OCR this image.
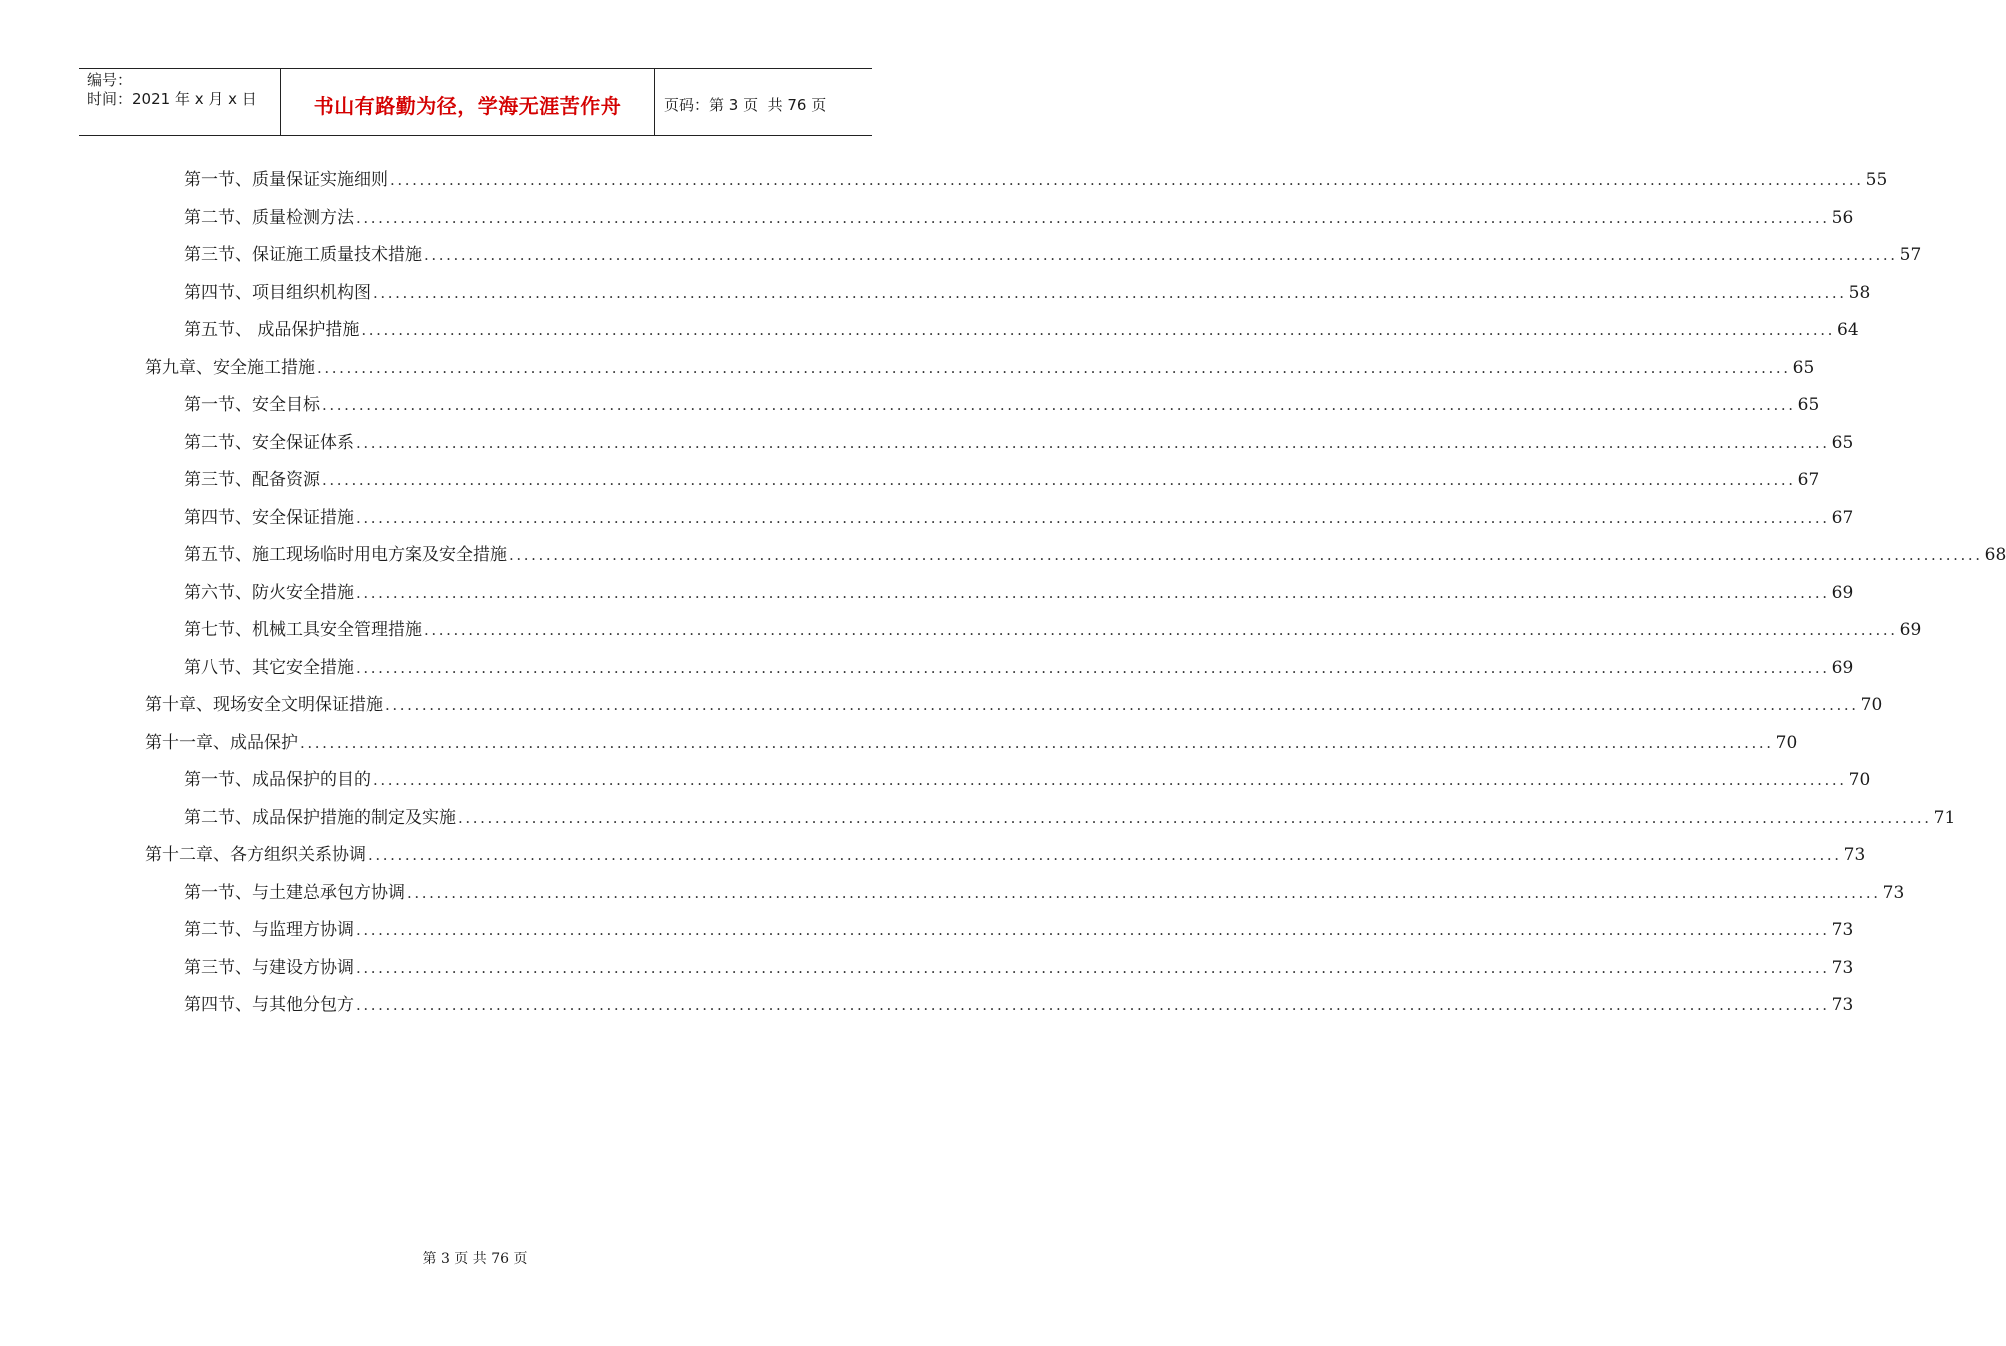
编号：
时间：2021 年 x 月 x 日	书山有路勤为径，学海无涯苦作舟	页码：第 3 页  共 76 页
第一节、质量保证实施细则 ........................................................................................................................................................................................................ 55
第二节、质量检测方法 ........................................................................................................................................................................................................ 56
第三节、保证施工质量技术措施 ........................................................................................................................................................................................................ 57
第四节、项目组织机构图 ........................................................................................................................................................................................................ 58
第五节、 成品保护措施 ........................................................................................................................................................................................................ 64
第九章、安全施工措施 ........................................................................................................................................................................................................ 65
第一节、安全目标 ........................................................................................................................................................................................................ 65
第二节、安全保证体系 ........................................................................................................................................................................................................ 65
第三节、配备资源 ........................................................................................................................................................................................................ 67
第四节、安全保证措施 ........................................................................................................................................................................................................ 67
第五节、施工现场临时用电方案及安全措施 ........................................................................................................................................................................................................ 68
第六节、防火安全措施 ........................................................................................................................................................................................................ 69
第七节、机械工具安全管理措施 ........................................................................................................................................................................................................ 69
第八节、其它安全措施 ........................................................................................................................................................................................................ 69
第十章、现场安全文明保证措施 ........................................................................................................................................................................................................ 70
第十一章、成品保护 ........................................................................................................................................................................................................ 70
第一节、成品保护的目的 ........................................................................................................................................................................................................ 70
第二节、成品保护措施的制定及实施 ........................................................................................................................................................................................................ 71
第十二章、各方组织关系协调 ........................................................................................................................................................................................................ 73
第一节、与土建总承包方协调 ........................................................................................................................................................................................................ 73
第二节、与监理方协调 ........................................................................................................................................................................................................ 73
第三节、与建设方协调 ........................................................................................................................................................................................................ 73
第四节、与其他分包方 ........................................................................................................................................................................................................ 73
第 3 页 共 76 页
